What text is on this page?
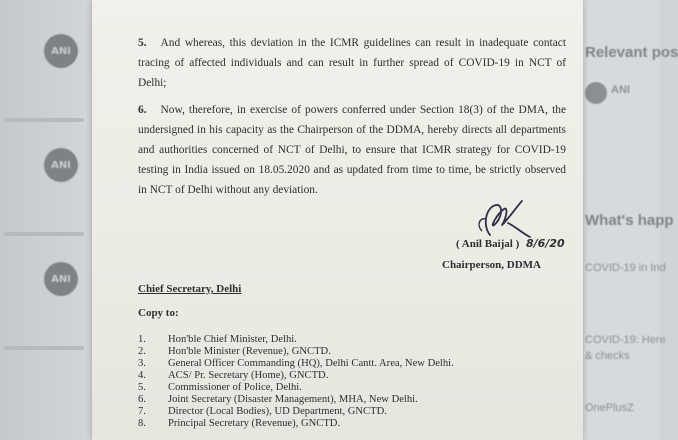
ANI
ANI
ANI
Relevant pos
ANI
What's happ
COVID-19 in Ind
COVID-19: Here
& checks
OnePlusZ
5. And whereas, this deviation in the ICMR guidelines can result in inadequate contact tracing of affected individuals and can result in further spread of COVID-19 in NCT of Delhi;
6. Now, therefore, in exercise of powers conferred under Section 18(3) of the DMA, the undersigned in his capacity as the Chairperson of the DDMA, hereby directs all departments and authorities concerned of NCT of Delhi, to ensure that ICMR strategy for COVID-19 testing in India issued on 18.05.2020 and as updated from time to time, be strictly observed in NCT of Delhi without any deviation.
( Anil Baijal ) 8/6/20
Chairperson, DDMA
Chief Secretary, Delhi
Copy to:
1. Hon'ble Chief Minister, Delhi.
2. Hon'ble Minister (Revenue), GNCTD.
3. General Officer Commanding (HQ), Delhi Cantt. Area, New Delhi.
4. ACS/ Pr. Secretary (Home), GNCTD.
5. Commissioner of Police, Delhi.
6. Joint Secretary (Disaster Management), MHA, New Delhi.
7. Director (Local Bodies), UD Department, GNCTD.
8. Principal Secretary (Revenue), GNCTD.
